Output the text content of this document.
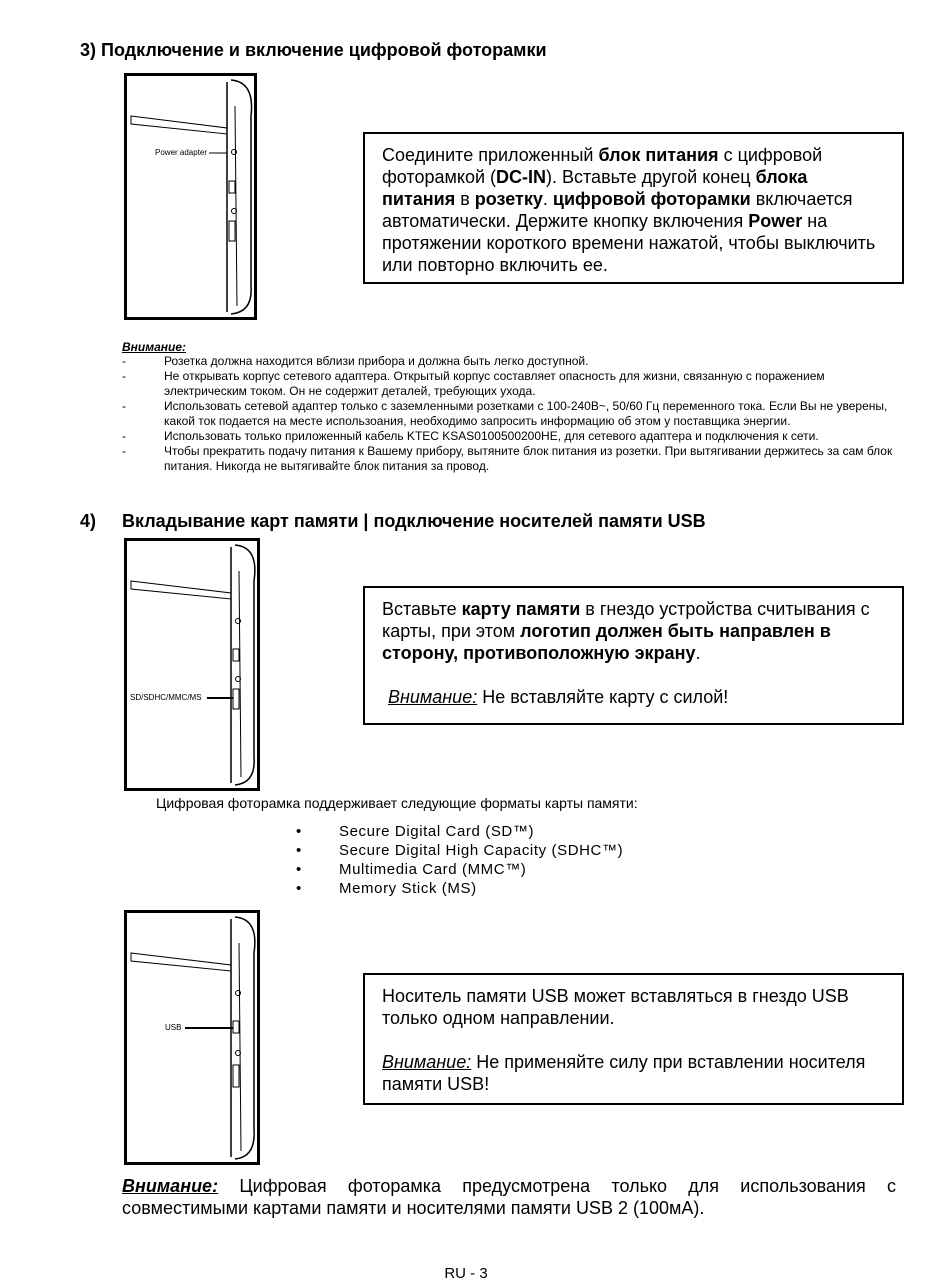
3) Подключение и включение цифровой фоторамки
Power adapter	Соедините приложенный блок питания с цифровой фоторамкой (DC-IN). Вставьте другой конец блока питания в розетку. цифровой фоторамки включается автоматически. Держите кнопку включения Power на протяжении короткого времени нажатой, чтобы выключить или повторно включить ее.

Внимание:
-	Розетка должна находится вблизи прибора и должна быть легко доступной.
-	Не открывать корпус сетевого адаптера. Открытый корпус составляет опасность для жизни, связанную с поражением электрическим током. Он не содержит деталей, требующих ухода.
-	Использовать сетевой адаптер только с заземленными розетками с 100-240В~, 50/60 Гц переменного тока. Если Вы не уверены, какой ток подается на месте использоания, необходимо запросить информацию об этом у поставщика энергии.
-	Использовать только приложенный кабель KTEC KSAS0100500200HE, для сетевого адаптера и подключения к сети.
-	Чтобы прекратить подачу питания к Вашему прибору, вытяните блок питания из розетки. При вытягивании держитесь за сам блок питания. Никогда не вытягивайте блок питания за провод.
4) Вкладывание карт памяти | подключение носителей памяти USB
SD/SDHC/MMC/MS

Вставьте карту памяти в гнездо устройства считывания с карты, при этом логотип должен быть направлен в сторону, противоположную экрану.

Внимание: Не вставляйте карту с силой!

Цифровая фоторамка поддерживает следующие форматы карты памяти:
•	Secure Digital Card (SD™)
•	Secure Digital High Capacity (SDHC™)
•	Multimedia Card (MMC™)
•	Memory Stick (MS)
USB

Носитель памяти USB может вставляться в гнездо USB только одном направлении.

Внимание: Не применяйте силу при вставлении носителя памяти USB!

Внимание: Цифровая фоторамка предусмотрена только для использования с совместимыми картами памяти и носителями памяти USB 2 (100мА).
RU - 3
